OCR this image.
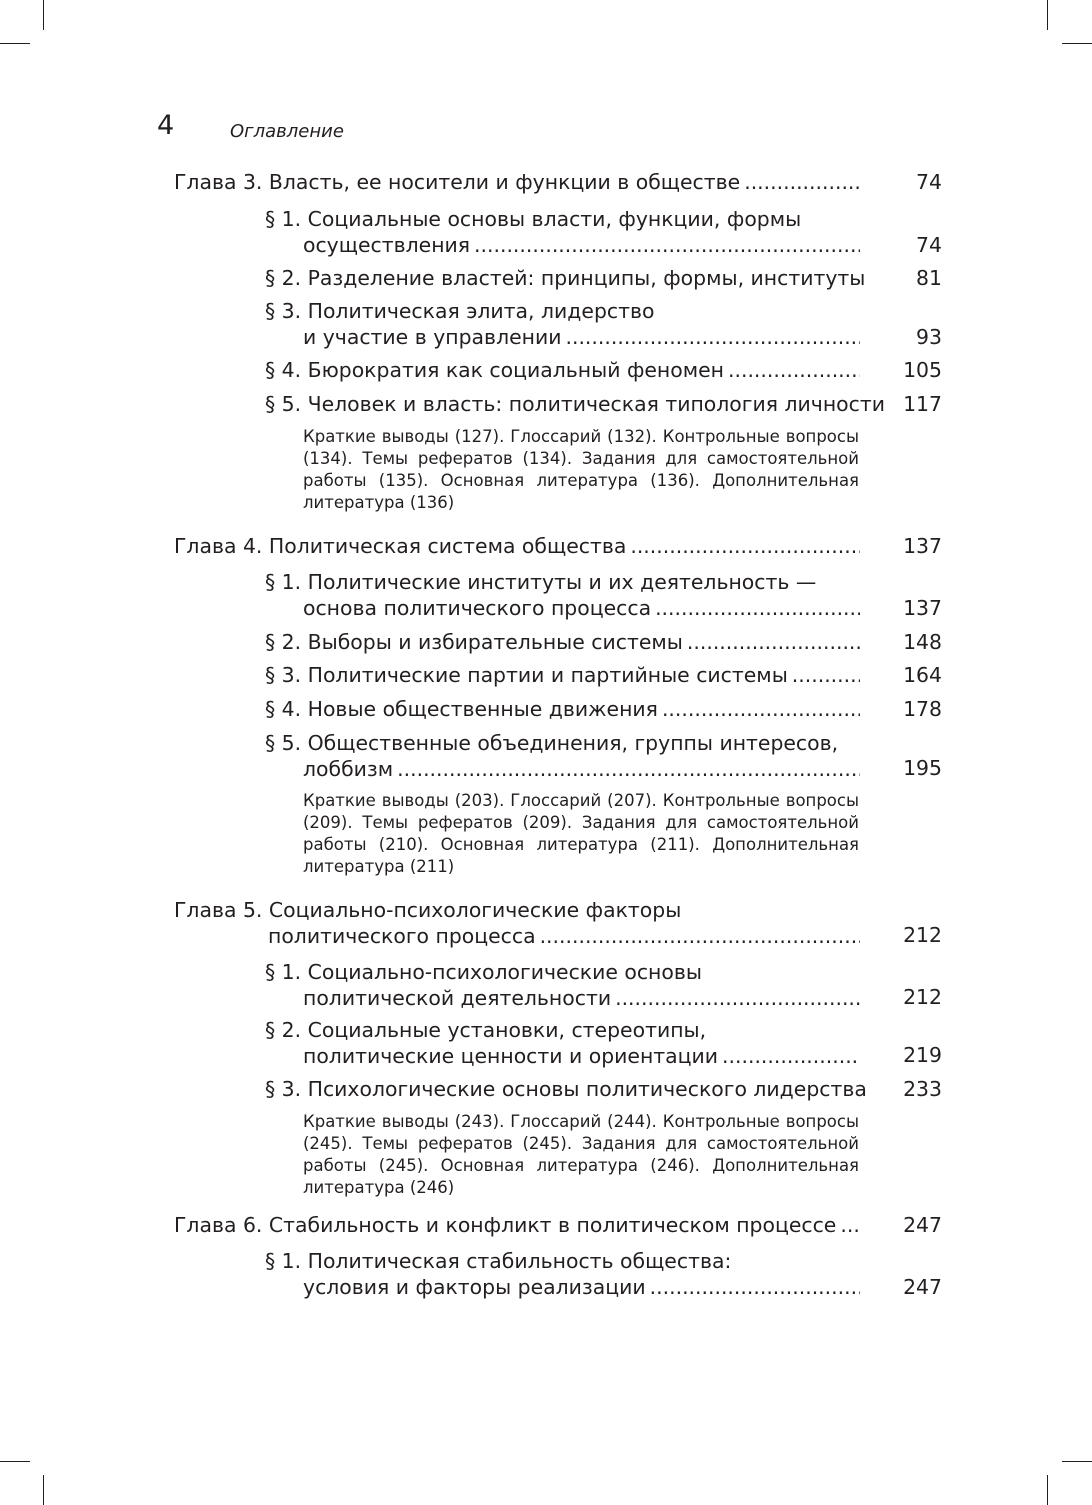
4	Оглавление
Глава 3. Власть, ее носители и функции в обществе .....	74
§ 1. Социальные основы власти, функции, формы
осуществления .....	74
§ 2. Разделение властей: принципы, формы, институты	81
§ 3. Политическая элита, лидерство
и участие в управлении .....	93
§ 4. Бюрократия как социальный феномен .....	105
§ 5. Человек и власть: политическая типология личности 117
Краткие выводы (127). Глоссарий (132). Контрольные вопросы (134). Темы рефератов (134). Задания для самостоятельной работы (135). Основная литература (136). Дополнительная литература (136)
Глава 4. Политическая система общества .....	137
§ 1. Политические институты и их деятельность —
основа политического процесса .....	137
§ 2. Выборы и избирательные системы .....	148
§ 3. Политические партии и партийные системы .....	164
§ 4. Новые общественные движения .....	178
§ 5. Общественные объединения, группы интересов,
лоббизм .....	195
Краткие выводы (203). Глоссарий (207). Контрольные вопросы (209). Темы рефератов (209). Задания для самостоятельной работы (210). Основная литература (211). Дополнительная литература (211)
Глава 5. Социально-психологические факторы
политического процесса .....	212
§ 1. Социально-психологические основы
политической деятельности .....	212
§ 2. Социальные установки, стереотипы,
политические ценности и ориентации .....	219
§ 3. Психологические основы политического лидерства	233
Краткие выводы (243). Глоссарий (244). Контрольные вопросы (245). Темы рефератов (245). Задания для самостоятельной работы (245). Основная литература (246). Дополнительная литература (246)
Глава 6. Стабильность и конфликт в политическом процессе .....	247
§ 1. Политическая стабильность общества:
условия и факторы реализации .....	247
